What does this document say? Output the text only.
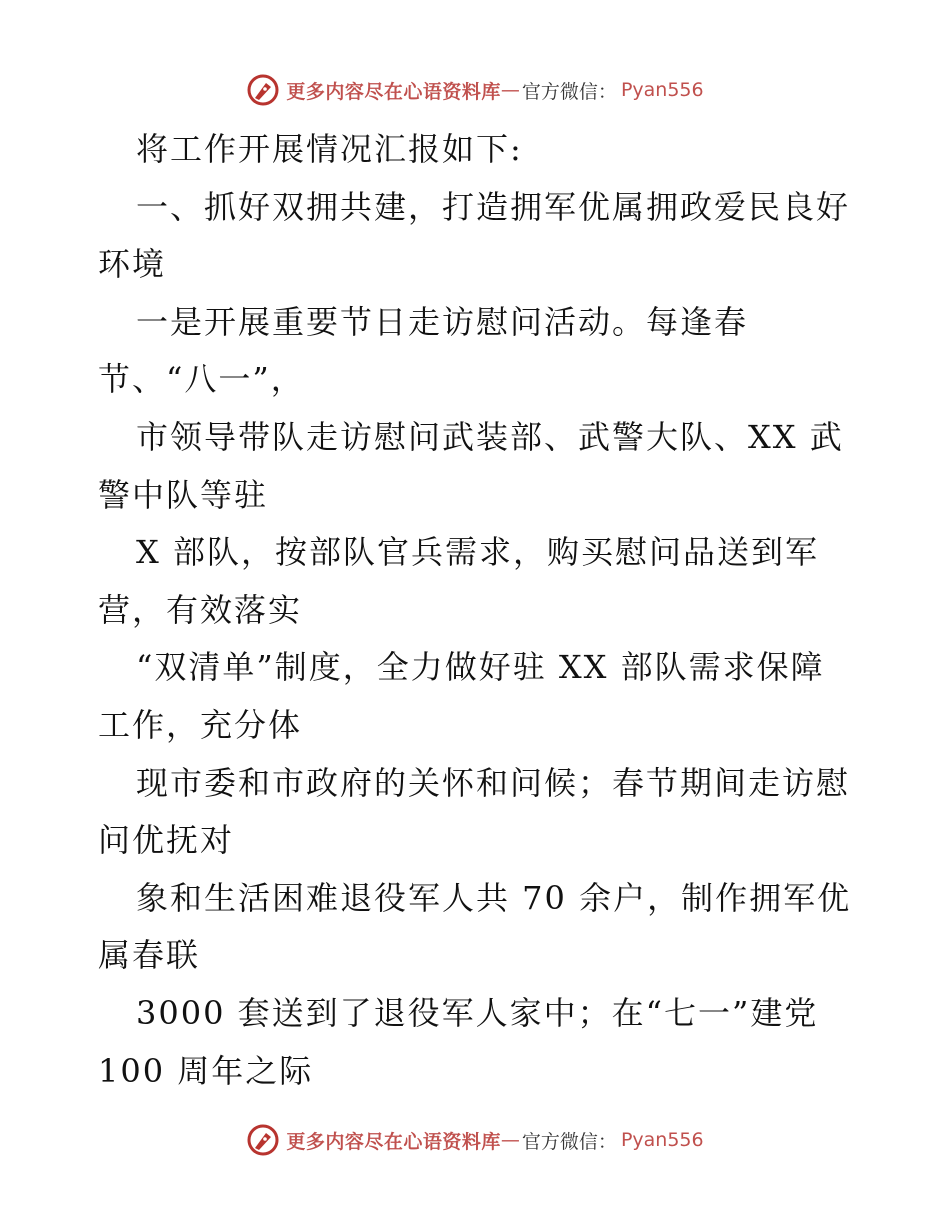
更多内容尽在心语资料库 — 官方微信 ： Pyan556
将工作开展情况汇报如下:
一、抓好双拥共建，打造拥军优属拥政爱民良好
环境
一是开展重要节日走访慰问活动。每逢春
节、“八一”，
市领导带队走访慰问武装部、武警大队、XX 武
警中队等驻
X 部队，按部队官兵需求，购买慰问品送到军
营，有效落实
“双清单”制度，全力做好驻 XX 部队需求保障
工作，充分体
现市委和市政府的关怀和问候；春节期间走访慰
问优抚对
象和生活困难退役军人共 70 余户，制作拥军优
属春联
3000 套送到了退役军人家中；在“七一”建党
100 周年之际
更多内容尽在心语资料库 — 官方微信 ： Pyan556
